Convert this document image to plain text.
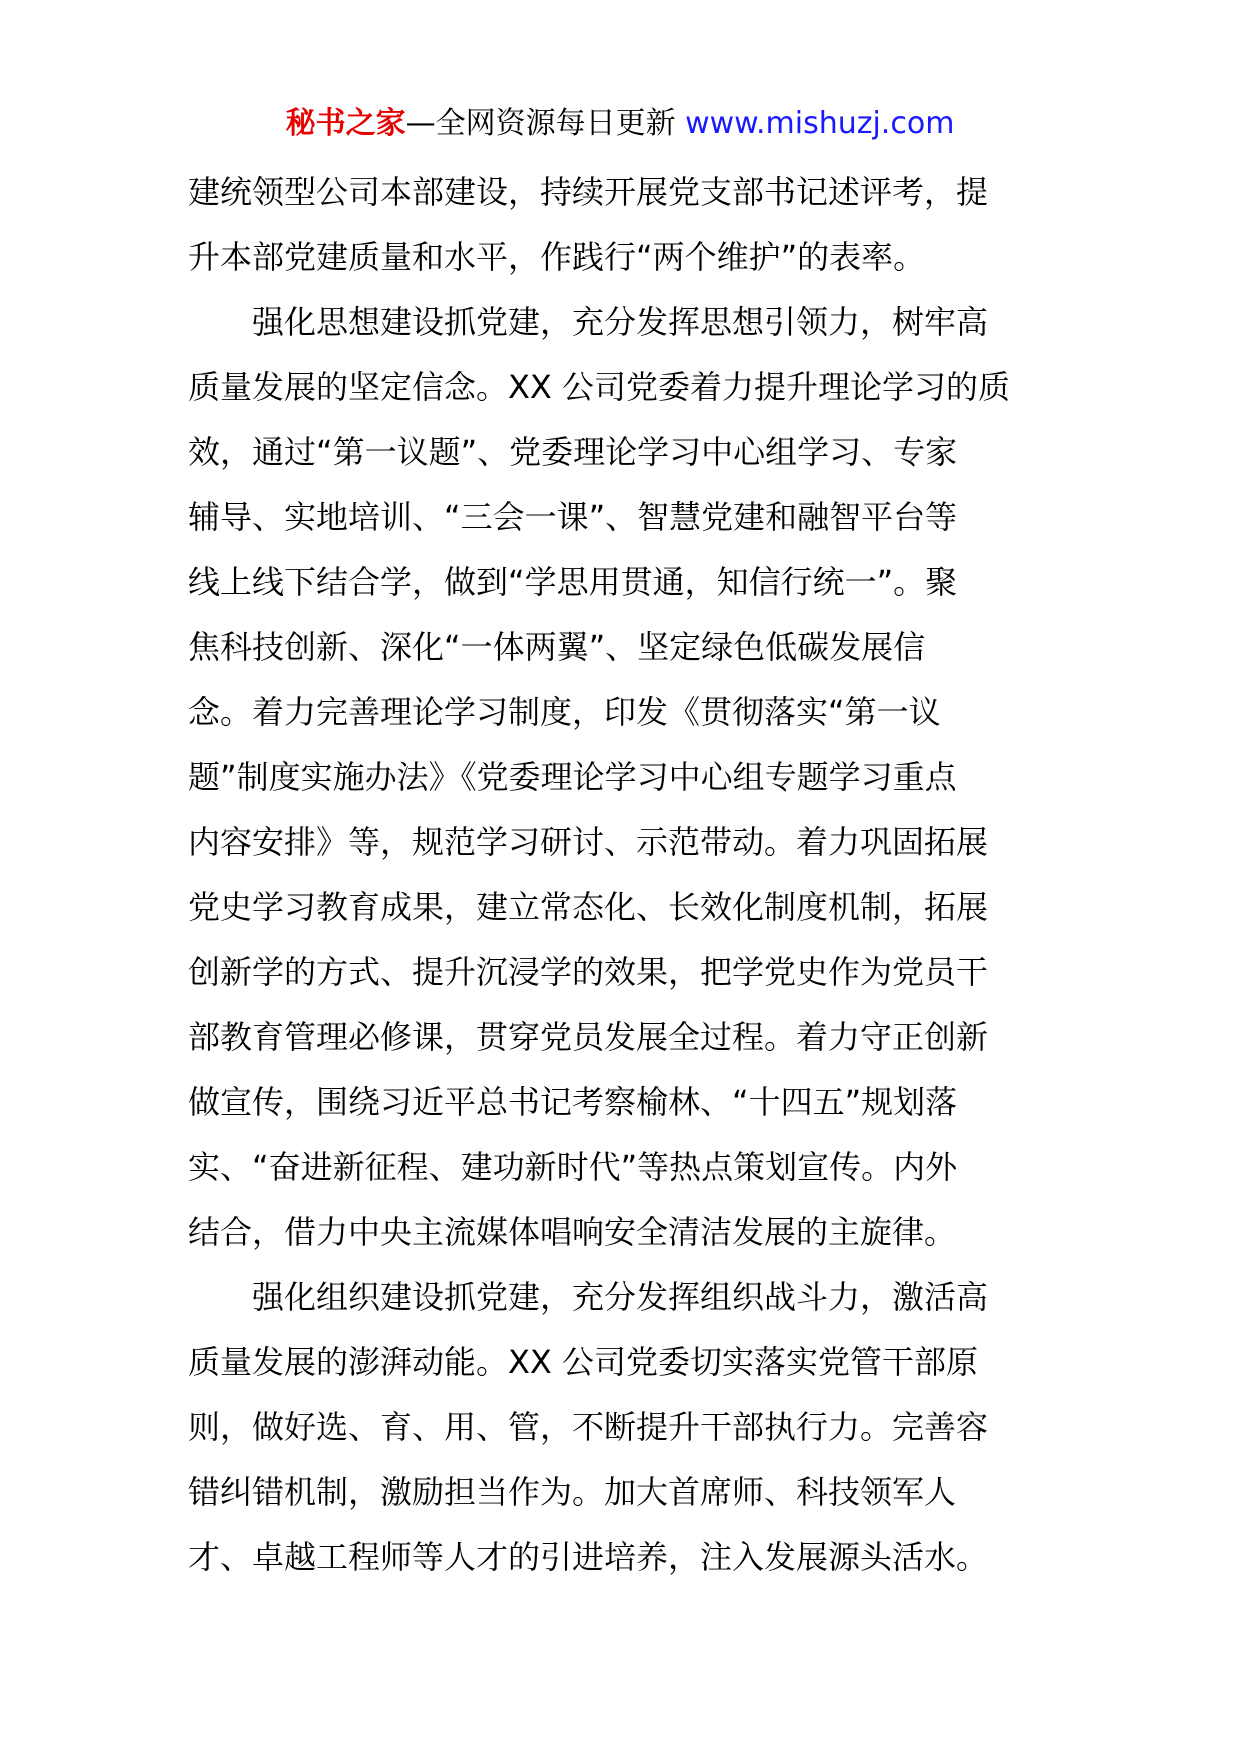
秘书之家—全网资源每日更新 www.mishuzj.com
建统领型公司本部建设，持续开展党支部书记述评考，提
升本部党建质量和水平，作践行“两个维护”的表率。
强化思想建设抓党建，充分发挥思想引领力，树牢高
质量发展的坚定信念。XX 公司党委着力提升理论学习的质
效，通过“第一议题”、党委理论学习中心组学习、专家
辅导、实地培训、“三会一课”、智慧党建和融智平台等
线上线下结合学，做到“学思用贯通，知信行统一”。聚
焦科技创新、深化“一体两翼”、坚定绿色低碳发展信
念。着力完善理论学习制度，印发《贯彻落实“第一议
题”制度实施办法》《党委理论学习中心组专题学习重点
内容安排》等，规范学习研讨、示范带动。着力巩固拓展
党史学习教育成果，建立常态化、长效化制度机制，拓展
创新学的方式、提升沉浸学的效果，把学党史作为党员干
部教育管理必修课，贯穿党员发展全过程。着力守正创新
做宣传，围绕习近平总书记考察榆林、“十四五”规划落
实、“奋进新征程、建功新时代”等热点策划宣传。内外
结合，借力中央主流媒体唱响安全清洁发展的主旋律。
强化组织建设抓党建，充分发挥组织战斗力，激活高
质量发展的澎湃动能。XX 公司党委切实落实党管干部原
则，做好选、育、用、管，不断提升干部执行力。完善容
错纠错机制，激励担当作为。加大首席师、科技领军人
才、卓越工程师等人才的引进培养，注入发展源头活水。
